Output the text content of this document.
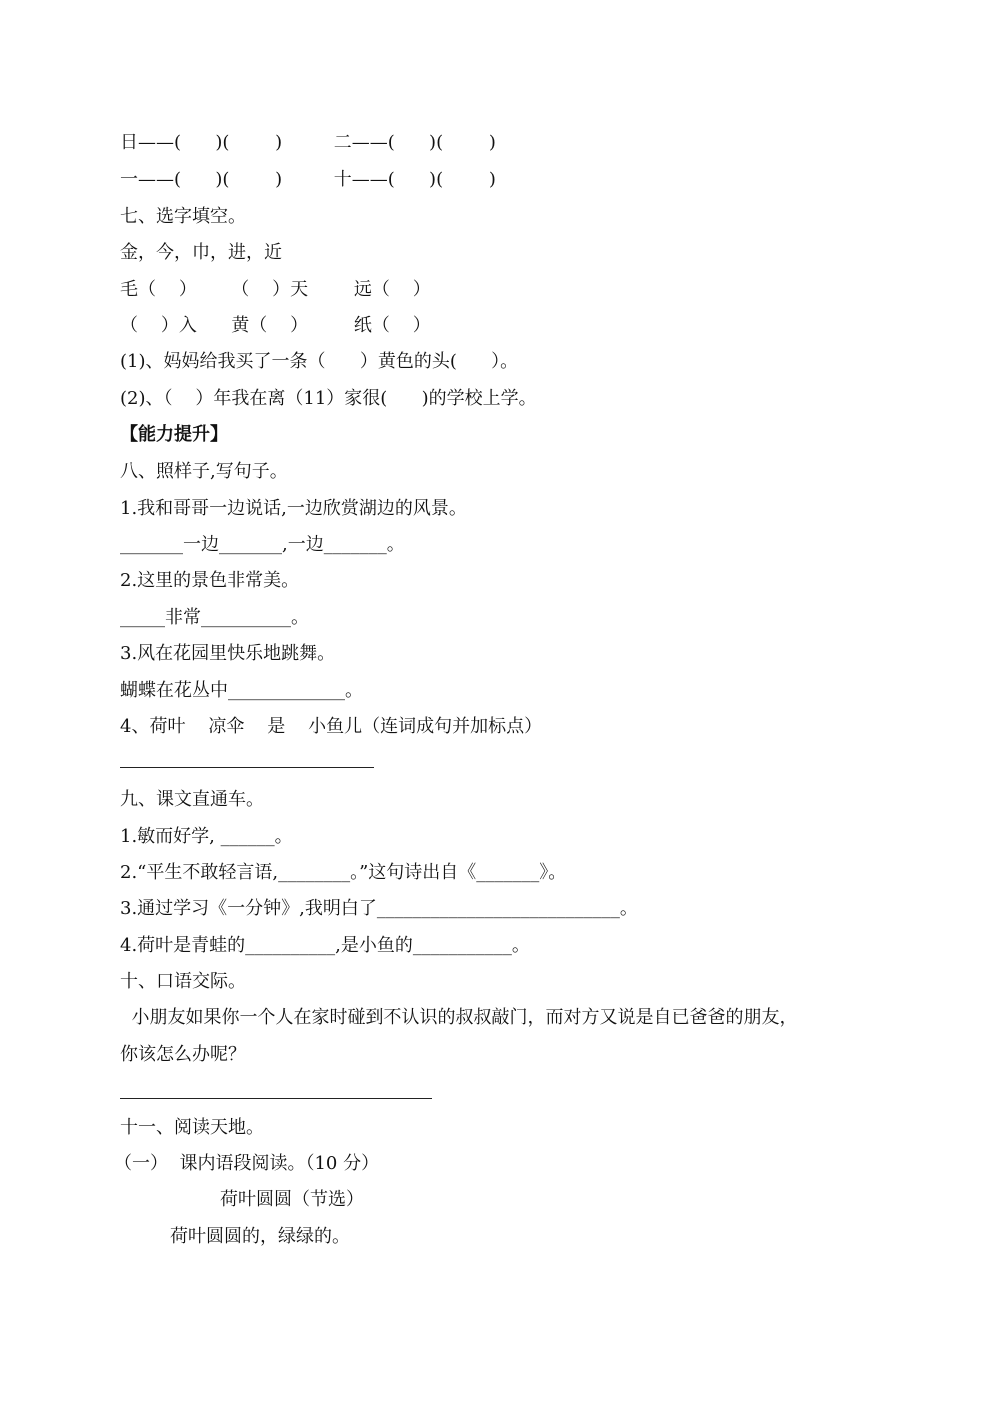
日——(      )(        )         二——(      )(        )
一——(      )(        )         十——(      )(        )
七、选字填空。
金，今，巾，进，近
毛（    ）      （    ）天        远（    ）
（    ）入      黄（    ）        纸（    ）
(1)、妈妈给我买了一条（      ）黄色的头(      ）。
(2)、（    ）年我在离（11）家很(      )的学校上学。
【能力提升】
八、照样子,写句子。
1.我和哥哥一边说话,一边欣赏湖边的风景。
_______一边_______,一边_______。
2.这里的景色非常美。
_____非常__________。
3.风在花园里快乐地跳舞。
蝴蝶在花丛中_____________。
4、荷叶    凉伞    是    小鱼儿（连词成句并加标点）
九、课文直通车。
1.敏而好学, ______。
2.“平生不敢轻言语,________。”这句诗出自《_______》。
3.通过学习《一分钟》,我明白了___________________________。
4.荷叶是青蛙的__________,是小鱼的___________。
十、口语交际。
小朋友如果你一个人在家时碰到不认识的叔叔敲门，而对方又说是自已爸爸的朋友，
你该怎么办呢？
十一、阅读天地。
（一）  课内语段阅读。（10 分）
荷叶圆圆（节选）
荷叶圆圆的，绿绿的。
